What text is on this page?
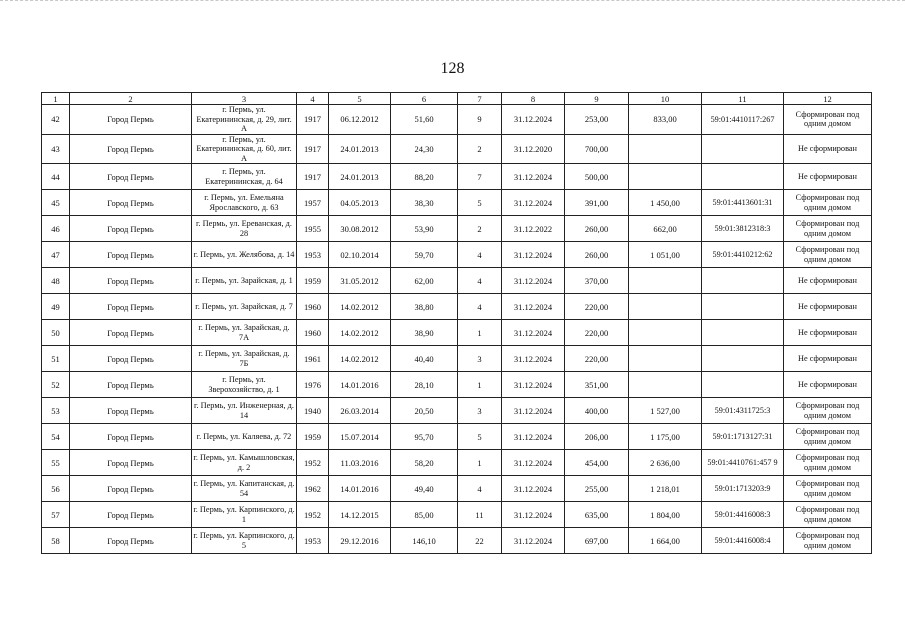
128
1	2	3	4	5	6	7	8	9	10	11	12
42	Город Пермь	г. Пермь, ул. Екатерининская, д. 29, лит. А	1917	06.12.2012	51,60	9	31.12.2024	253,00	833,00	59:01:4410117:267	Сформирован под одним домом
43	Город Пермь	г. Пермь, ул. Екатерининская, д. 60, лит. А	1917	24.01.2013	24,30	2	31.12.2020	700,00			Не сформирован
44	Город Пермь	г. Пермь, ул. Екатерининская, д. 64	1917	24.01.2013	88,20	7	31.12.2024	500,00			Не сформирован
45	Город Пермь	г. Пермь, ул. Емельяна Ярославского, д. 63	1957	04.05.2013	38,30	5	31.12.2024	391,00	1 450,00	59:01:4413601:31	Сформирован под одним домом
46	Город Пермь	г. Пермь, ул. Ереванская, д. 28	1955	30.08.2012	53,90	2	31.12.2022	260,00	662,00	59:01:3812318:3	Сформирован под одним домом
47	Город Пермь	г. Пермь, ул. Желябова, д. 14	1953	02.10.2014	59,70	4	31.12.2024	260,00	1 051,00	59:01:4410212:62	Сформирован под одним домом
48	Город Пермь	г. Пермь, ул. Зарайская, д. 1	1959	31.05.2012	62,00	4	31.12.2024	370,00			Не сформирован
49	Город Пермь	г. Пермь, ул. Зарайская, д. 7	1960	14.02.2012	38,80	4	31.12.2024	220,00			Не сформирован
50	Город Пермь	г. Пермь, ул. Зарайская, д. 7А	1960	14.02.2012	38,90	1	31.12.2024	220,00			Не сформирован
51	Город Пермь	г. Пермь, ул. Зарайская, д. 7Б	1961	14.02.2012	40,40	3	31.12.2024	220,00			Не сформирован
52	Город Пермь	г. Пермь, ул. Зверохозяйство, д. 1	1976	14.01.2016	28,10	1	31.12.2024	351,00			Не сформирован
53	Город Пермь	г. Пермь, ул. Инженерная, д. 14	1940	26.03.2014	20,50	3	31.12.2024	400,00	1 527,00	59:01:4311725:3	Сформирован под одним домом
54	Город Пермь	г. Пермь, ул. Каляева, д. 72	1959	15.07.2014	95,70	5	31.12.2024	206,00	1 175,00	59:01:1713127:31	Сформирован под одним домом
55	Город Пермь	г. Пермь, ул. Камышловская, д. 2	1952	11.03.2016	58,20	1	31.12.2024	454,00	2 636,00	59:01:4410761:457 9	Сформирован под одним домом
56	Город Пермь	г. Пермь, ул. Капитанская, д. 54	1962	14.01.2016	49,40	4	31.12.2024	255,00	1 218,01	59:01:1713203:9	Сформирован под одним домом
57	Город Пермь	г. Пермь, ул. Карпинского, д. 1	1952	14.12.2015	85,00	11	31.12.2024	635,00	1 804,00	59:01:4416008:3	Сформирован под одним домом
58	Город Пермь	г. Пермь, ул. Карпинского, д. 5	1953	29.12.2016	146,10	22	31.12.2024	697,00	1 664,00	59:01:4416008:4	Сформирован под одним домом
